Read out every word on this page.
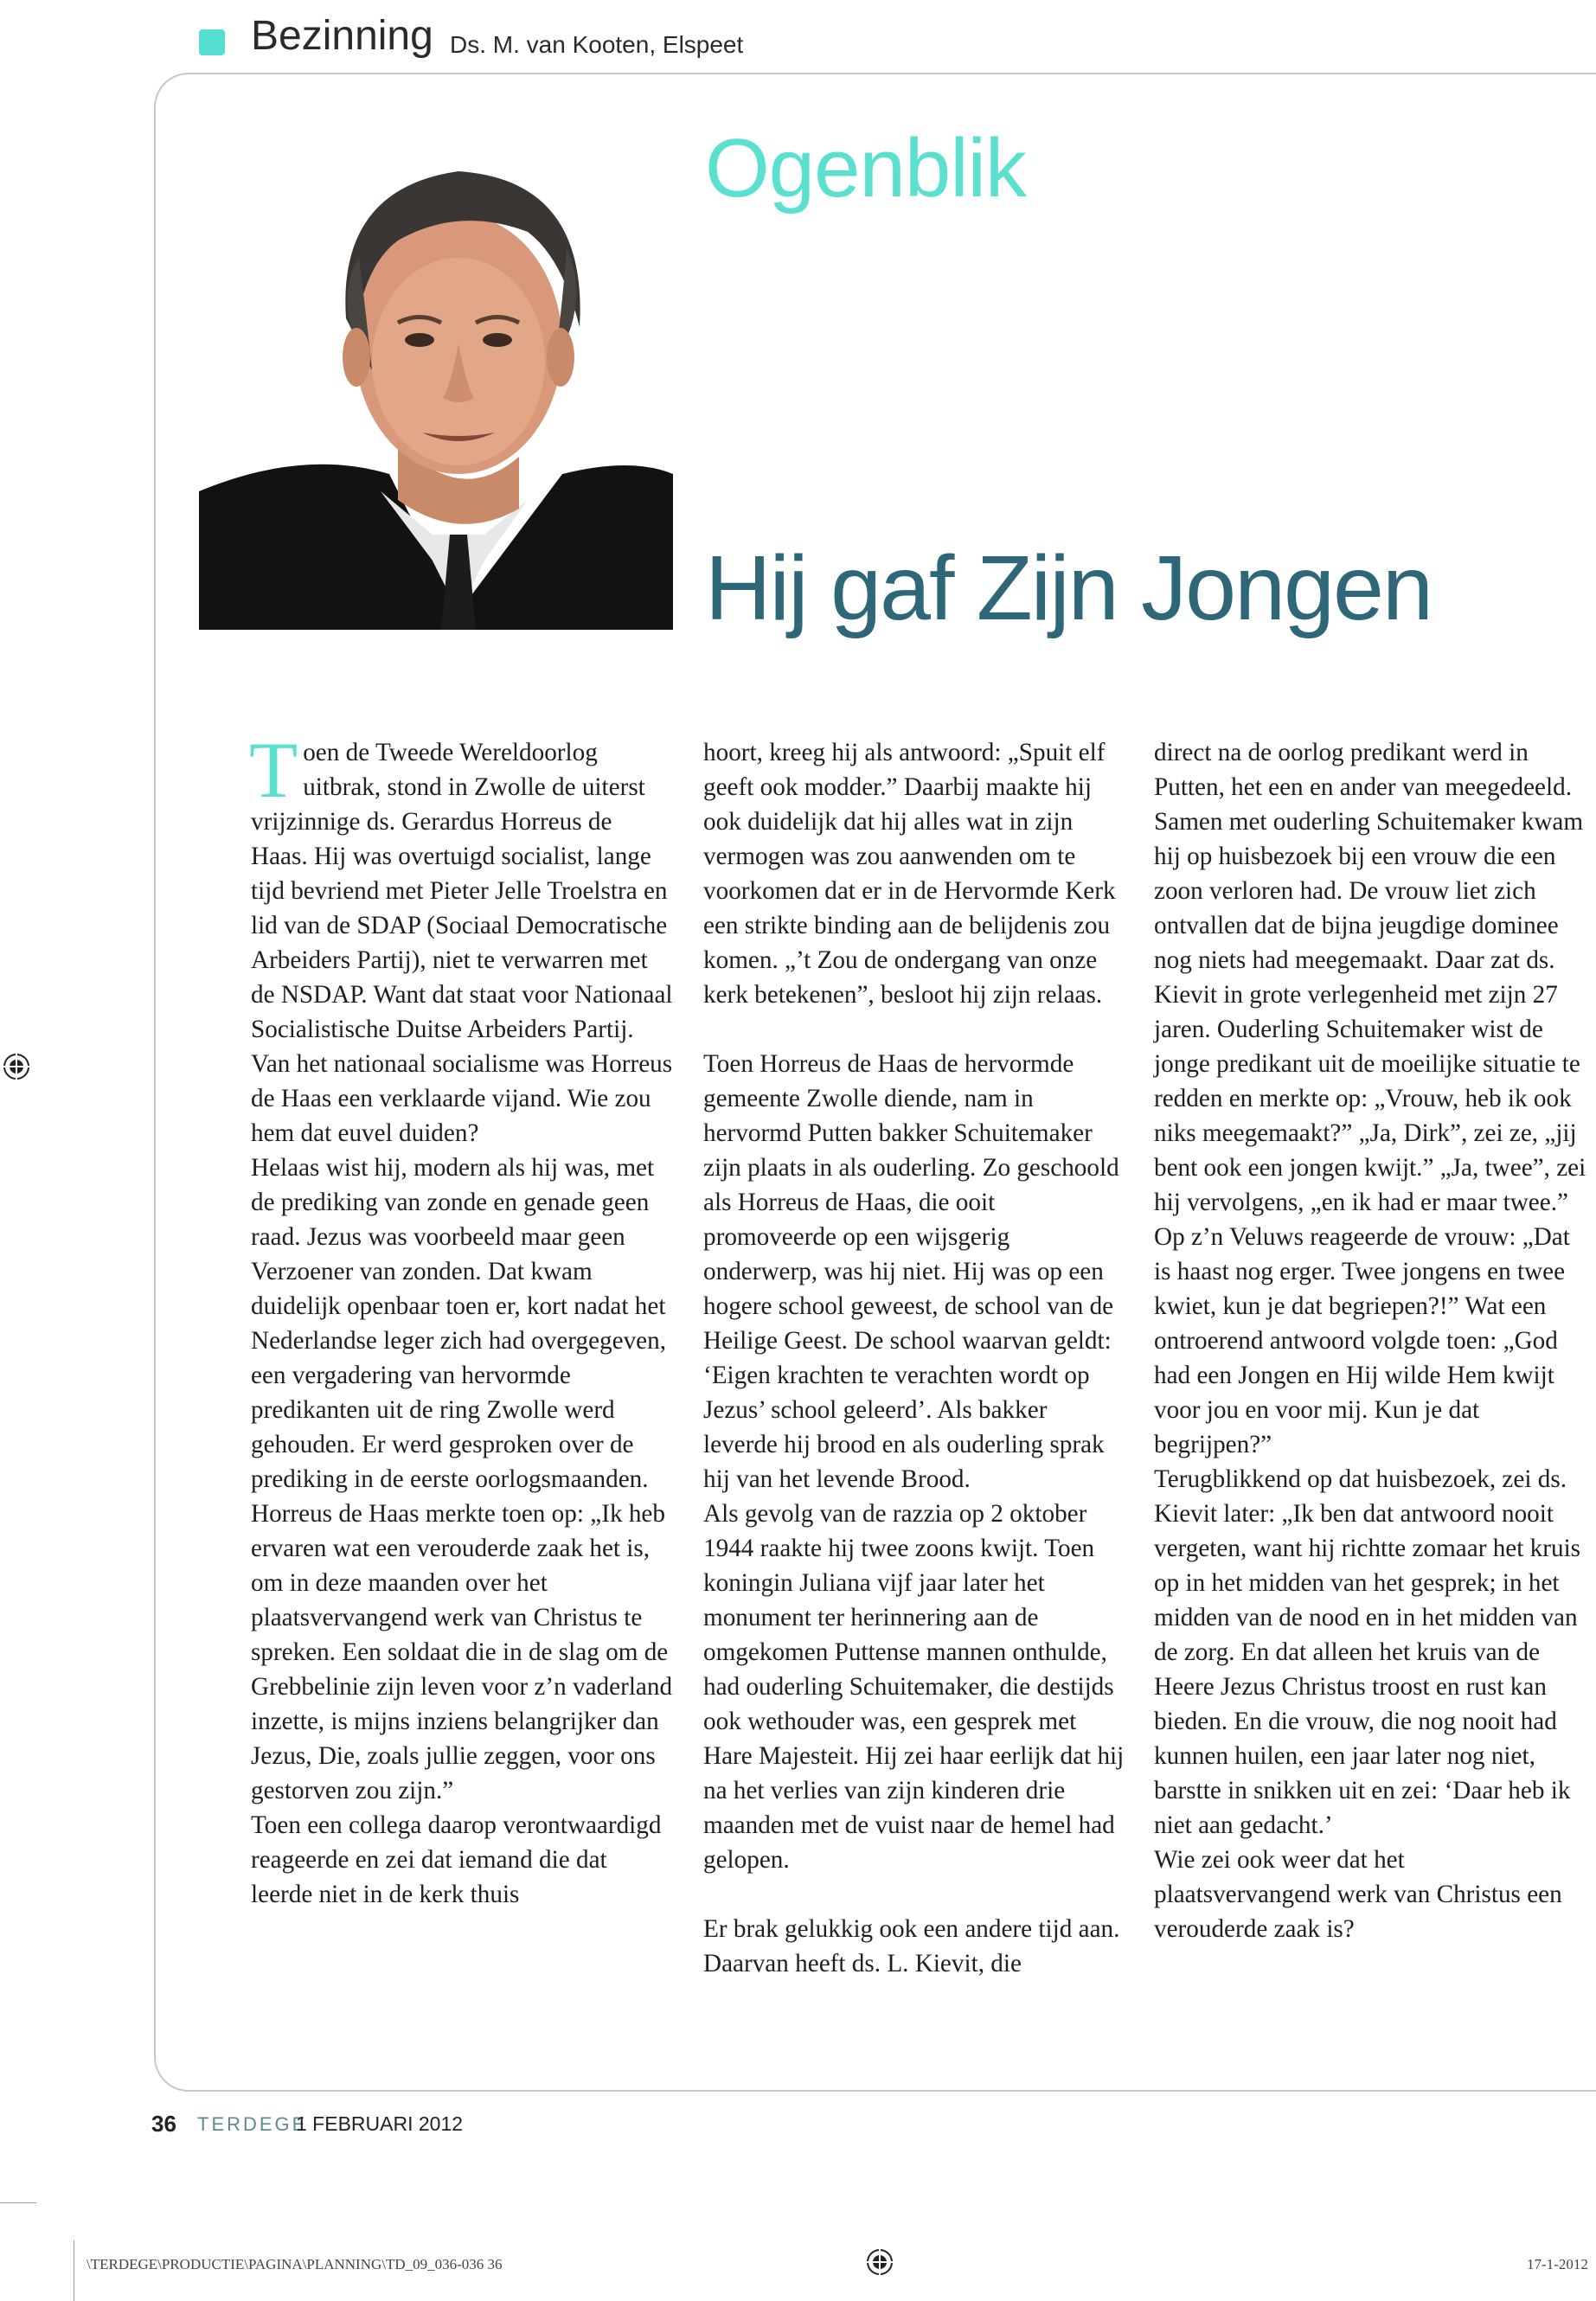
Bezinning Ds. M. van Kooten, Elspeet
Ogenblik
Hij gaf Zijn Jongen
T oen de Tweede Wereldoorlog uitbrak, stond in Zwolle de uiterst vrijzinnige ds. Gerardus Horreus de Haas. Hij was overtuigd socialist, lange tijd bevriend met Pieter Jelle Troelstra en lid van de SDAP (Sociaal Democratische Arbeiders Partij), niet te verwarren met de NSDAP. Want dat staat voor Nationaal Socialistische Duitse Arbeiders Partij. Van het nationaal socialisme was Horreus de Haas een verklaarde vijand. Wie zou hem dat euvel duiden?

Helaas wist hij, modern als hij was, met de prediking van zonde en genade geen raad. Jezus was voorbeeld maar geen Verzoener van zonden. Dat kwam duidelijk openbaar toen er, kort nadat het Nederlandse leger zich had overgegeven, een vergadering van hervormde predikanten uit de ring Zwolle werd gehouden. Er werd gesproken over de prediking in de eerste oorlogsmaanden.

Horreus de Haas merkte toen op: „Ik heb ervaren wat een verouderde zaak het is, om in deze maanden over het plaatsvervangend werk van Christus te spreken. Een soldaat die in de slag om de Grebbelinie zijn leven voor z’n vaderland inzette, is mijns inziens belangrijker dan Jezus, Die, zoals jullie zeggen, voor ons gestorven zou zijn.”

Toen een collega daarop verontwaardigd reageerde en zei dat iemand die dat leerde niet in de kerk thuis

hoort, kreeg hij als antwoord: „Spuit elf geeft ook modder.” Daarbij maakte hij ook duidelijk dat hij alles wat in zijn vermogen was zou aanwenden om te voorkomen dat er in de Hervormde Kerk een strikte binding aan de belijdenis zou komen. „’t Zou de ondergang van onze kerk betekenen”, besloot hij zijn relaas.

Toen Horreus de Haas de hervormde gemeente Zwolle diende, nam in hervormd Putten bakker Schuitemaker zijn plaats in als ouderling. Zo geschoold als Horreus de Haas, die ooit promoveerde op een wijsgerig onderwerp, was hij niet. Hij was op een hogere school geweest, de school van de Heilige Geest. De school waarvan geldt: ‘Eigen krachten te verachten wordt op Jezus’ school geleerd’. Als bakker leverde hij brood en als ouderling sprak hij van het levende Brood.

Als gevolg van de razzia op 2 oktober 1944 raakte hij twee zoons kwijt. Toen koningin Juliana vijf jaar later het monument ter herinnering aan de omgekomen Puttense mannen onthulde, had ouderling Schuitemaker, die destijds ook wethouder was, een gesprek met Hare Majesteit. Hij zei haar eerlijk dat hij na het verlies van zijn kinderen drie maanden met de vuist naar de hemel had gelopen.

Er brak gelukkig ook een andere tijd aan. Daarvan heeft ds. L. Kievit, die

direct na de oorlog predikant werd in Putten, het een en ander van meegedeeld. Samen met ouderling Schuitemaker kwam hij op huisbezoek bij een vrouw die een zoon verloren had. De vrouw liet zich ontvallen dat de bijna jeugdige dominee nog niets had meegemaakt. Daar zat ds. Kievit in grote verlegenheid met zijn 27 jaren. Ouderling Schuitemaker wist de jonge predikant uit de moeilijke situatie te redden en merkte op: „Vrouw, heb ik ook niks meegemaakt?” „Ja, Dirk”, zei ze, „jij bent ook een jongen kwijt.” „Ja, twee”, zei hij vervolgens, „en ik had er maar twee.” Op z’n Veluws reageerde de vrouw: „Dat is haast nog erger. Twee jongens en twee kwiet, kun je dat begriepen?!” Wat een ontroerend antwoord volgde toen: „God had een Jongen en Hij wilde Hem kwijt voor jou en voor mij. Kun je dat begrijpen?”

Terugblikkend op dat huisbezoek, zei ds. Kievit later: „Ik ben dat antwoord nooit vergeten, want hij richtte zomaar het kruis op in het midden van het gesprek; in het midden van de nood en in het midden van de zorg. En dat alleen het kruis van de Heere Jezus Christus troost en rust kan bieden. En die vrouw, die nog nooit had kunnen huilen, een jaar later nog niet, barstte in snikken uit en zei: ‘Daar heb ik niet aan gedacht.’

Wie zei ook weer dat het plaatsvervangend werk van Christus een verouderde zaak is?

36 TERDEGE
1 FEBRUARI 2012
\TERDEGE\PRODUCTIE\PAGINA\PLANNING\TD_09_036-036 36	17-1-2012
